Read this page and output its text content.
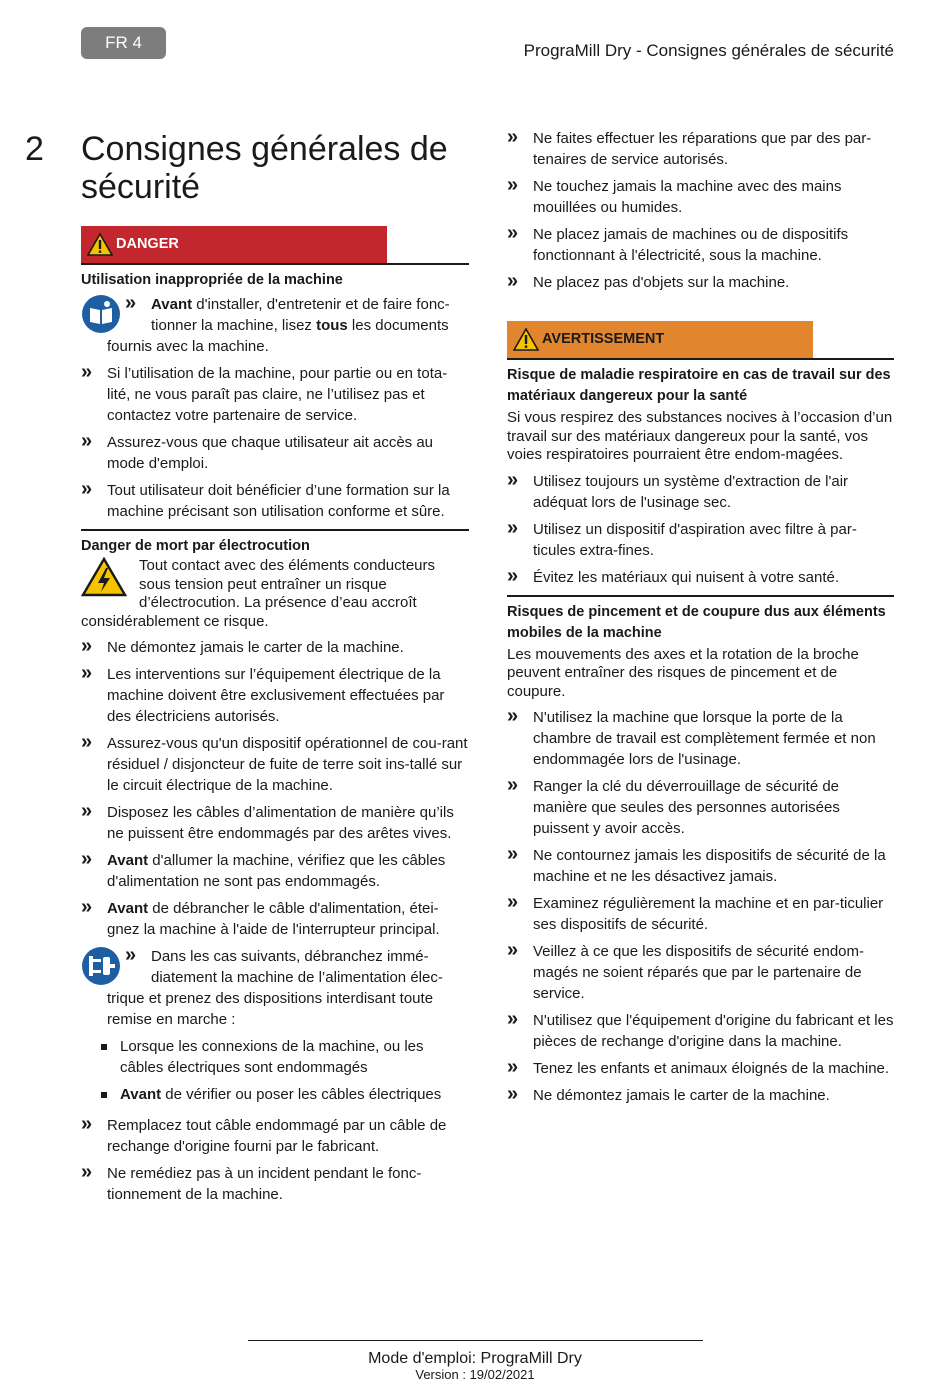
FR 4	PrograMill Dry - Consignes générales de sécurité
2 Consignes générales de sécurité
DANGER
Utilisation inappropriée de la machine
» Avant d'installer, d'entretenir et de faire fonc-
tionner la machine, lisez tous les documents
fournis avec la machine.
» Si l’utilisation de la machine, pour partie ou en tota-lité, ne vous paraît pas claire, ne l’utilisez pas et contactez votre partenaire de service.
» Assurez-vous que chaque utilisateur ait accès au mode d'emploi.
» Tout utilisateur doit bénéficier d’une formation sur la machine précisant son utilisation conforme et sûre.
Danger de mort par électrocution
Tout contact avec des éléments conducteurs
sous tension peut entraîner un risque
d’électrocution. La présence d’eau accroît
considérablement ce risque.
» Ne démontez jamais le carter de la machine.
» Les interventions sur l’équipement électrique de la machine doivent être exclusivement effectuées par des électriciens autorisés.
» Assurez-vous qu'un dispositif opérationnel de cou-rant résiduel / disjoncteur de fuite de terre soit ins-tallé sur le circuit électrique de la machine.
» Disposez les câbles d’alimentation de manière qu’ils ne puissent être endommagés par des arêtes vives.
» Avant d'allumer la machine, vérifiez que les câbles d'alimentation ne sont pas endommagés.
» Avant de débrancher le câble d'alimentation, étei-gnez la machine à l'aide de l'interrupteur principal.
» Dans les cas suivants, débranchez immé-
diatement la machine de l’alimentation élec-
trique et prenez des dispositions interdisant toute
remise en marche :
Lorsque les connexions de la machine, ou les câbles électriques sont endommagés
Avant de vérifier ou poser les câbles électriques
» Remplacez tout câble endommagé par un câble de rechange d'origine fourni par le fabricant.
» Ne remédiez pas à un incident pendant le fonc-tionnement de la machine.
» Ne faites effectuer les réparations que par des par-tenaires de service autorisés.
» Ne touchez jamais la machine avec des mains mouillées ou humides.
» Ne placez jamais de machines ou de dispositifs fonctionnant à l'électricité, sous la machine.
» Ne placez pas d'objets sur la machine.
AVERTISSEMENT
Risque de maladie respiratoire en cas de travail sur des matériaux dangereux pour la santé
Si vous respirez des substances nocives à l’occasion d’un travail sur des matériaux dangereux pour la santé, vos voies respiratoires pourraient être endom-magées.
» Utilisez toujours un système d'extraction de l'air adéquat lors de l'usinage sec.
» Utilisez un dispositif d'aspiration avec filtre à par-ticules extra-fines.
» Évitez les matériaux qui nuisent à votre santé.
Risques de pincement et de coupure dus aux éléments mobiles de la machine
Les mouvements des axes et la rotation de la broche peuvent entraîner des risques de pincement et de coupure.
» N'utilisez la machine que lorsque la porte de la chambre de travail est complètement fermée et non endommagée lors de l'usinage.
» Ranger la clé du déverrouillage de sécurité de manière que seules des personnes autorisées puissent y avoir accès.
» Ne contournez jamais les dispositifs de sécurité de la machine et ne les désactivez jamais.
» Examinez régulièrement la machine et en par-ticulier ses dispositifs de sécurité.
» Veillez à ce que les dispositifs de sécurité endom-magés ne soient réparés que par le partenaire de service.
» N'utilisez que l'équipement d'origine du fabricant et les pièces de rechange d'origine dans la machine.
» Tenez les enfants et animaux éloignés de la machine.
» Ne démontez jamais le carter de la machine.
Mode d'emploi: PrograMill Dry
Version : 19/02/2021
